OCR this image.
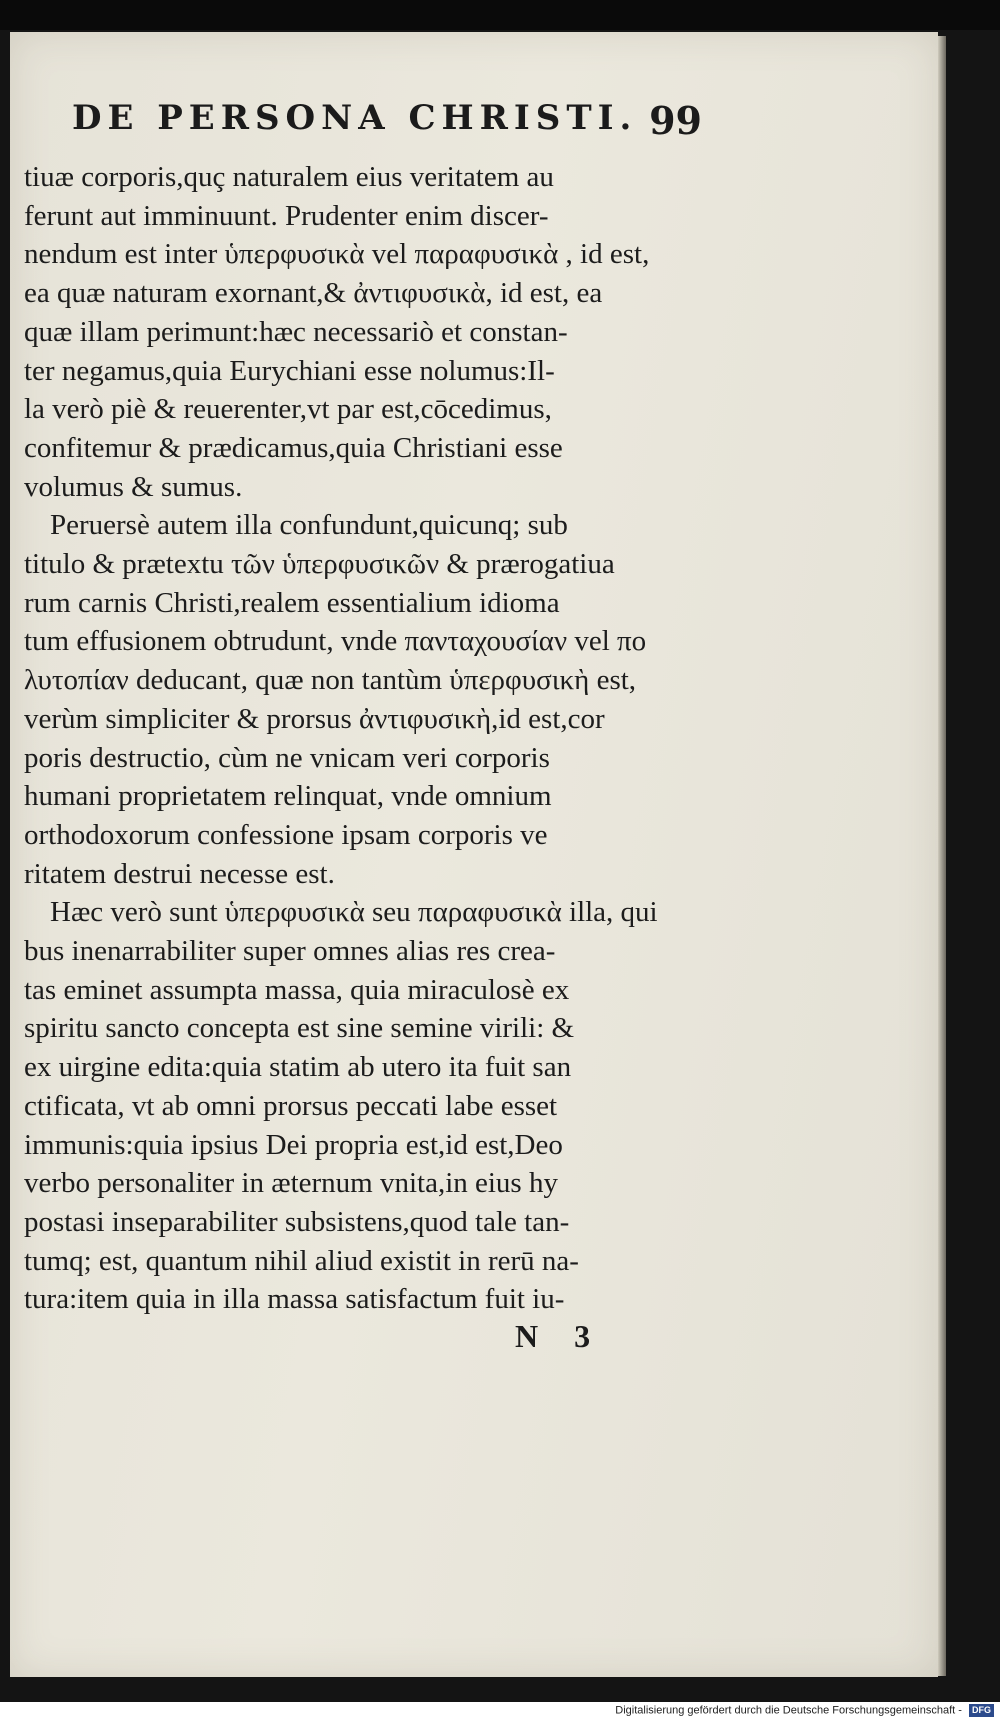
DE PERSONA CHRISTI. 99
tiuæ corporis,quç naturalem eius veritatem au
ferunt aut imminuunt. Prudenter enim discer-
nendum est inter ὑπερφυσικὰ vel παραφυσικὰ , id est,
ea quæ naturam exornant,& ἀντιφυσικὰ, id est, ea
quæ illam perimunt:hæc necessariò et constan-
ter negamus,quia Eurychiani esse nolumus:Il-
la verò piè & reuerenter,vt par est,cōcedimus,
confitemur & prædicamus,quia Christiani esse
volumus & sumus.
Peruersè autem illa confundunt,quicunq; sub
titulo & prætextu τῶν ὑπερφυσικῶν & prærogatiua
rum carnis Christi,realem essentialium idioma
tum effusionem obtrudunt, vnde πανταχουσίαν vel πο
λυτοπίαν deducant, quæ non tantùm ὑπερφυσικὴ est,
verùm simpliciter & prorsus ἀντιφυσικὴ,id est,cor
poris destructio, cùm ne vnicam veri corporis
humani proprietatem relinquat, vnde omnium
orthodoxorum confessione ipsam corporis ve
ritatem destrui necesse est.
Hæc verò sunt ὑπερφυσικὰ seu παραφυσικὰ illa, qui
bus inenarrabiliter super omnes alias res crea-
tas eminet assumpta massa, quia miraculosè ex
spiritu sancto concepta est sine semine virili: &
ex uirgine edita:quia statim ab utero ita fuit san
ctificata, vt ab omni prorsus peccati labe esset
immunis:quia ipsius Dei propria est,id est,Deo
verbo personaliter in æternum vnita,in eius hy
postasi inseparabiliter subsistens,quod tale tan-
tumq; est, quantum nihil aliud existit in rerū na-
tura:item quia in illa massa satisfactum fuit iu-
N 3
Digitalisierung gefördert durch die Deutsche Forschungsgemeinschaft - DFG
